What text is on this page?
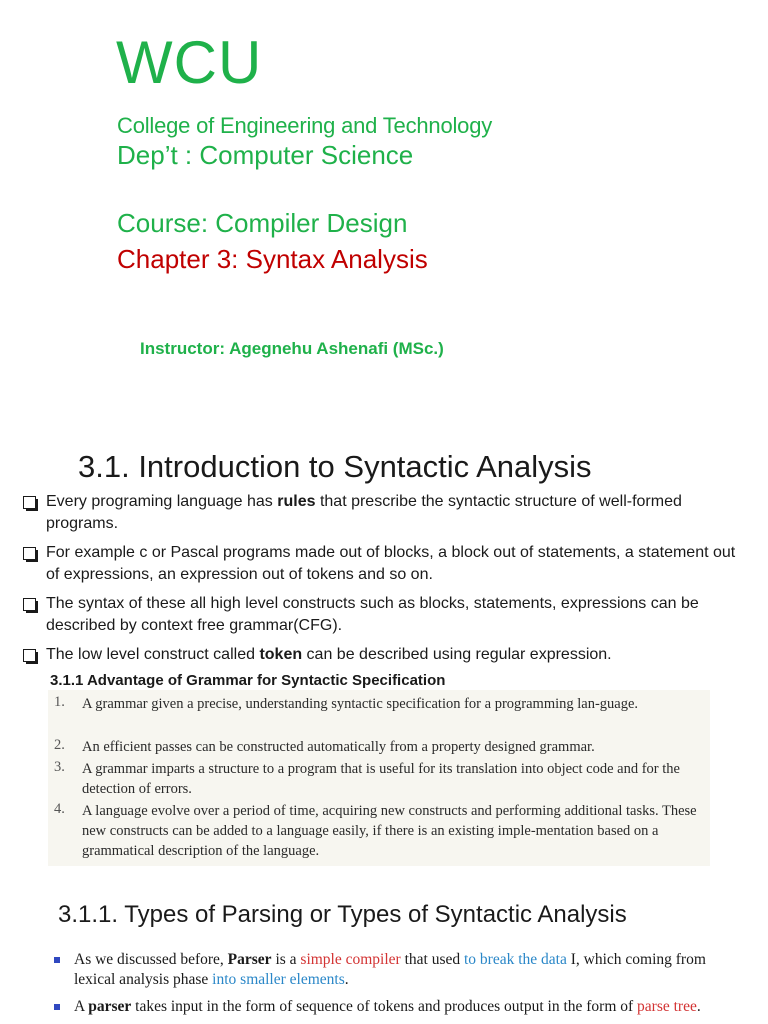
WCU
College of Engineering and Technology
Dep’t : Computer Science
Course: Compiler Design
Chapter 3: Syntax Analysis
Instructor: Agegnehu Ashenafi (MSc.)
3.1. Introduction to Syntactic Analysis
Every programing language has rules that prescribe the syntactic structure of well-formed programs.
For example c or Pascal programs made out of blocks, a block out of statements, a statement out of expressions, an expression out of tokens and so on.
The syntax of these all high level constructs such as blocks, statements, expressions can be described by context free grammar(CFG).
The low level construct called token can be described using regular expression.
3.1.1 Advantage of Grammar for Syntactic Specification
1. A grammar given a precise, understanding syntactic specification for a programming lan-guage.
2. An efficient passes can be constructed automatically from a property designed grammar.
3. A grammar imparts a structure to a program that is useful for its translation into object code and for the detection of errors.
4. A language evolve over a period of time, acquiring new constructs and performing additional tasks. These new constructs can be added to a language easily, if there is an existing imple-mentation based on a grammatical description of the language.
3.1.1. Types of Parsing or Types of Syntactic Analysis
As we discussed before, Parser is a simple compiler that used to break the data I, which coming from lexical analysis phase into smaller elements.
A parser takes input in the form of sequence of tokens and produces output in the form of parse tree.
